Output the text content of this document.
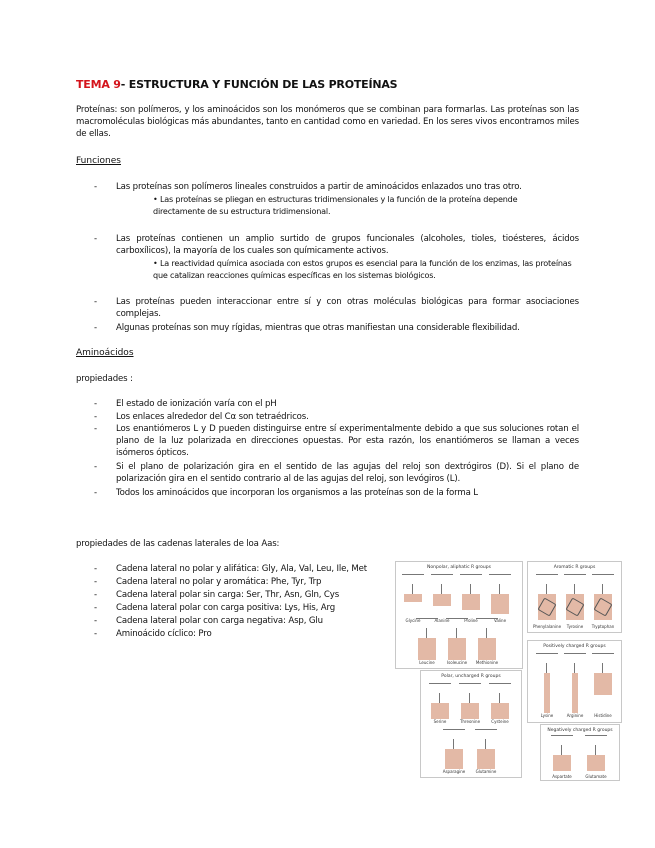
TEMA 9- ESTRUCTURA Y FUNCIÓN DE LAS PROTEÍNAS
Proteínas: son polímeros, y los aminoácidos son los monómeros que se combinan para formarlas. Las proteínas son las macromoléculas biológicas más abundantes, tanto en cantidad como en variedad. En los seres vivos encontramos miles de ellas.
Funciones
- Las proteínas son polímeros lineales construidos a partir de aminoácidos enlazados uno tras otro.
• Las proteínas se pliegan en estructuras tridimensionales y la función de la proteína depende directamente de su estructura tridimensional.
- Las proteínas contienen un amplio surtido de grupos funcionales (alcoholes, tioles, tioésteres, ácidos carboxílicos), la mayoría de los cuales son químicamente activos.
• La reactividad química asociada con estos grupos es esencial para la función de los enzimas, las proteínas que catalizan reacciones químicas específicas en los sistemas biológicos.
- Las proteínas pueden interaccionar entre sí y con otras moléculas biológicas para formar asociaciones complejas.
- Algunas proteínas son muy rígidas, mientras que otras manifiestan una considerable flexibilidad.
Aminoácidos
propiedades :
- El estado de ionización varía con el pH
- Los enlaces alrededor del Cα son tetraédricos.
- Los enantiómeros L y D pueden distinguirse entre sí experimentalmente debido a que sus soluciones rotan el plano de la luz polarizada en direcciones opuestas. Por esta razón, los enantiómeros se llaman a veces isómeros ópticos.
- Si el plano de polarización gira en el sentido de las agujas del reloj son dextrógiros (D). Si el plano de polarización gira en el sentido contrario al de las agujas del reloj, son levógiros (L).
- Todos los aminoácidos que incorporan los organismos a las proteínas son de la forma L
propiedades de las cadenas laterales de loa Aas:
- Cadena lateral no polar y alifática: Gly, Ala, Val, Leu, Ile, Met
- Cadena lateral no polar y aromática: Phe, Tyr, Trp
- Cadena lateral polar sin carga: Ser, Thr, Asn, Gln, Cys
- Cadena lateral polar con carga positiva: Lys, His, Arg
- Cadena lateral polar con carga negativa: Asp, Glu
- Aminoácido cíclico: Pro
Nonpolar, aliphatic R groups
Glycine	Alanine	Proline	Valine
Leucine	Isoleucine	Methionine
Aromatic R groups
Phenylalanine	Tyrosine	Tryptophan
Positively charged R groups
Lysine	Arginine	Histidine
Polar, uncharged R groups
Serine	Threonine	Cysteine
Asparagine	Glutamine
Negatively charged R groups
Aspartate	Glutamate
